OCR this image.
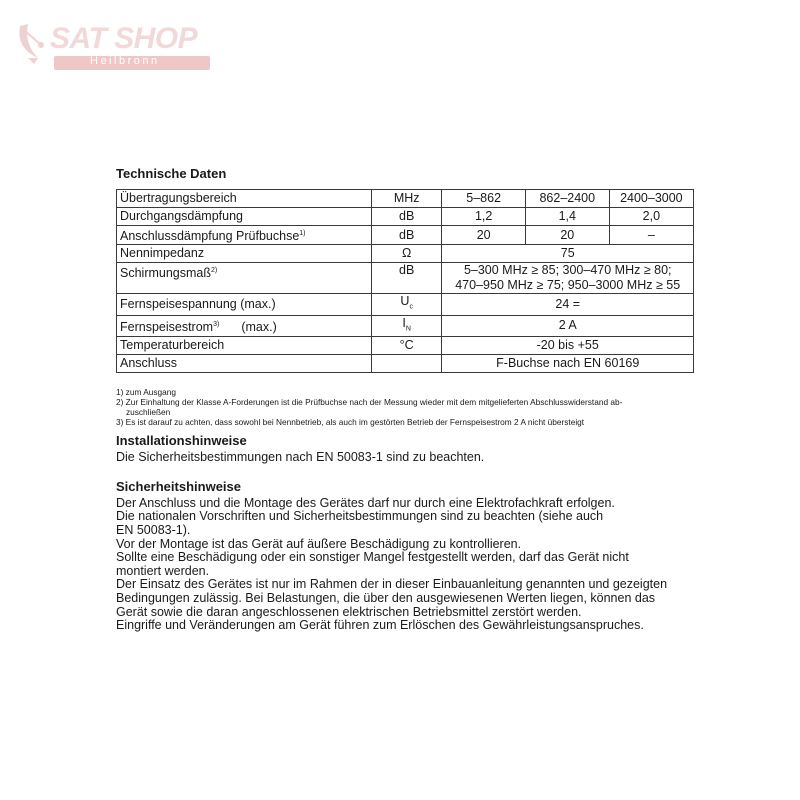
SAT SHOP
Heilbronn
Technische Daten
Übertragungsbereich	MHz	5–862	862–2400	2400–3000
Durchgangsdämpfung	dB	1,2	1,4	2,0
Anschlussdämpfung Prüfbuchse$^{1)}$	dB	20	20	–
Nennimpedanz	Ω	75		
Schirmungsmaß$^{2)}$	dB	5–300 MHz ≥ 85; 300–470 MHz ≥ 80;
470–950 MHz ≥ 75; 950–3000 MHz ≥ 55		

Fernspeisespannung (max.)	$U_c$	24 =		
Fernspeisestrom$^{3)}$ (max.)	$I_N$	2 A		
Temperaturbereich	°C	-20 bis +55		
Anschluss		F-Buchse nach EN 60169		
1) zum Ausgang
2) Zur Einhaltung der Klasse A-Forderungen ist die Prüfbuchse nach der Messung wieder mit dem mitgelieferten Abschlusswiderstand ab-
zuschließen
3) Es ist darauf zu achten, dass sowohl bei Nennbetrieb, als auch im gestörten Betrieb der Fernspeisestrom 2 A nicht übersteigt
Installationshinweise

Die Sicherheitsbestimmungen nach EN 50083-1 sind zu beachten.

Sicherheitshinweise

Der Anschluss und die Montage des Gerätes darf nur durch eine Elektrofachkraft erfolgen.

Die nationalen Vorschriften und Sicherheitsbestimmungen sind zu beachten (siehe auch

EN 50083-1).

Vor der Montage ist das Gerät auf äußere Beschädigung zu kontrollieren.

Sollte eine Beschädigung oder ein sonstiger Mangel festgestellt werden, darf das Gerät nicht

montiert werden.

Der Einsatz des Gerätes ist nur im Rahmen der in dieser Einbauanleitung genannten und gezeigten

Bedingungen zulässig. Bei Belastungen, die über den ausgewiesenen Werten liegen, können das

Gerät sowie die daran angeschlossenen elektrischen Betriebsmittel zerstört werden.

Eingriffe und Veränderungen am Gerät führen zum Erlöschen des Gewährleistungsanspruches.
